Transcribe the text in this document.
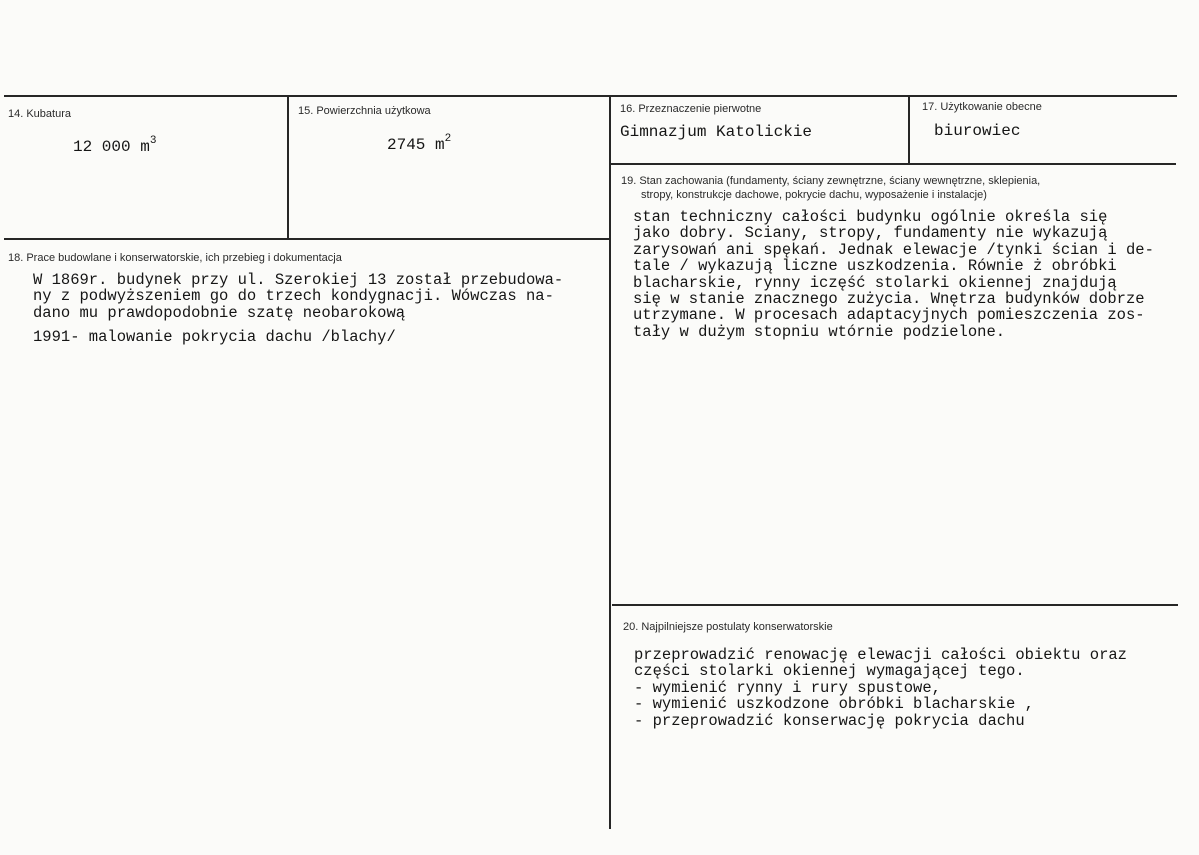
14. Kubatura
12 000 $m^3$
15. Powierzchnia użytkowa
2745 $m^2$
16. Przeznaczenie pierwotne
Gimnazjum Katolickie
17. Użytkowanie obecne
biurowiec
18. Prace budowlane i konserwatorskie, ich przebieg i dokumentacja
W 1869r. budynek przy ul. Szerokiej 13 został przebudowa-
ny z podwyższeniem go do trzech kondygnacji. Wówczas na-
dano mu prawdopodobnie szatę neobarokową
1991- malowanie pokrycia dachu /blachy/
19. Stan zachowania (fundamenty, ściany zewnętrzne, ściany wewnętrzne, sklepienia,
stropy, konstrukcje dachowe, pokrycie dachu, wyposażenie i instalacje)
stan techniczny całości budynku ogólnie określa się
jako dobry. Sciany, stropy, fundamenty nie wykazują
zarysowań ani spękań. Jednak elewacje /tynki ścian i de-
tale / wykazują liczne uszkodzenia. Równie ż obróbki
blacharskie, rynny iczęść stolarki okiennej znajdują
się w stanie znacznego zużycia. Wnętrza budynków dobrze
utrzymane. W procesach adaptacyjnych pomieszczenia zos-
tały w dużym stopniu wtórnie podzielone.
20. Najpilniejsze postulaty konserwatorskie
przeprowadzić renowację elewacji całości obiektu oraz
części stolarki okiennej wymagającej tego.
- wymienić rynny i rury spustowe,
- wymienić uszkodzone obróbki blacharskie ,
- przeprowadzić konserwację pokrycia dachu
